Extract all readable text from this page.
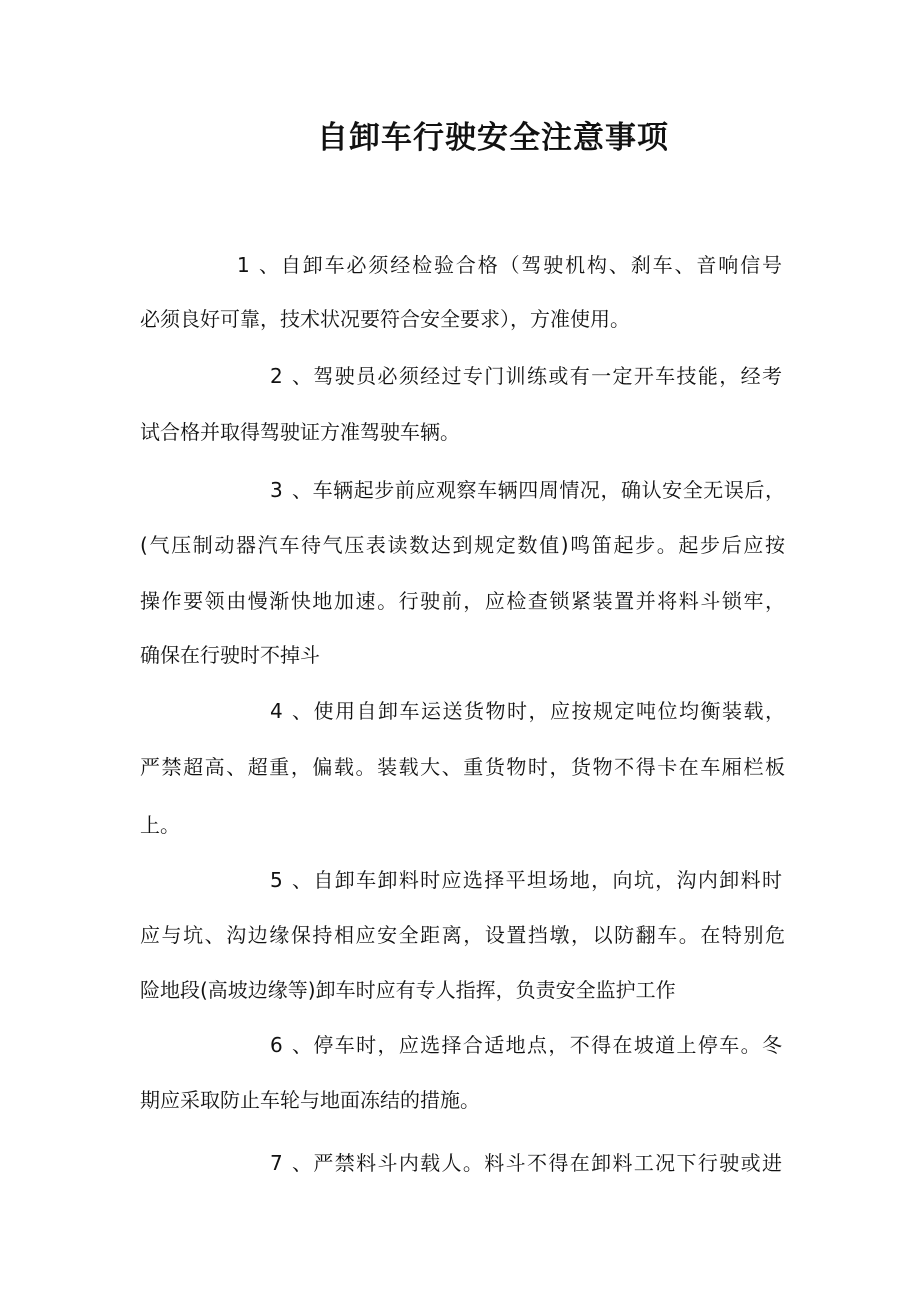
自卸车行驶安全注意事项
1、自卸车必须经检验合格（驾驶机构、刹车、音响信号
必须良好可靠，技术状况要符合安全要求），方准使用。
2、驾驶员必须经过专门训练或有一定开车技能，经考
试合格并取得驾驶证方准驾驶车辆。
3、车辆起步前应观察车辆四周情况，确认安全无误后，
(气压制动器汽车待气压表读数达到规定数值)鸣笛起步。起步后应按
操作要领由慢渐快地加速。行驶前，应检查锁紧装置并将料斗锁牢，
确保在行驶时不掉斗
4、使用自卸车运送货物时，应按规定吨位均衡装载，
严禁超高、超重，偏载。装载大、重货物时，货物不得卡在车厢栏板
上。
5、自卸车卸料时应选择平坦场地，向坑，沟内卸料时
应与坑、沟边缘保持相应安全距离，设置挡墩，以防翻车。在特别危
险地段(高坡边缘等)卸车时应有专人指挥，负责安全监护工作
6、停车时，应选择合适地点，不得在坡道上停车。冬
期应采取防止车轮与地面冻结的措施。
7、严禁料斗内载人。料斗不得在卸料工况下行驶或进
